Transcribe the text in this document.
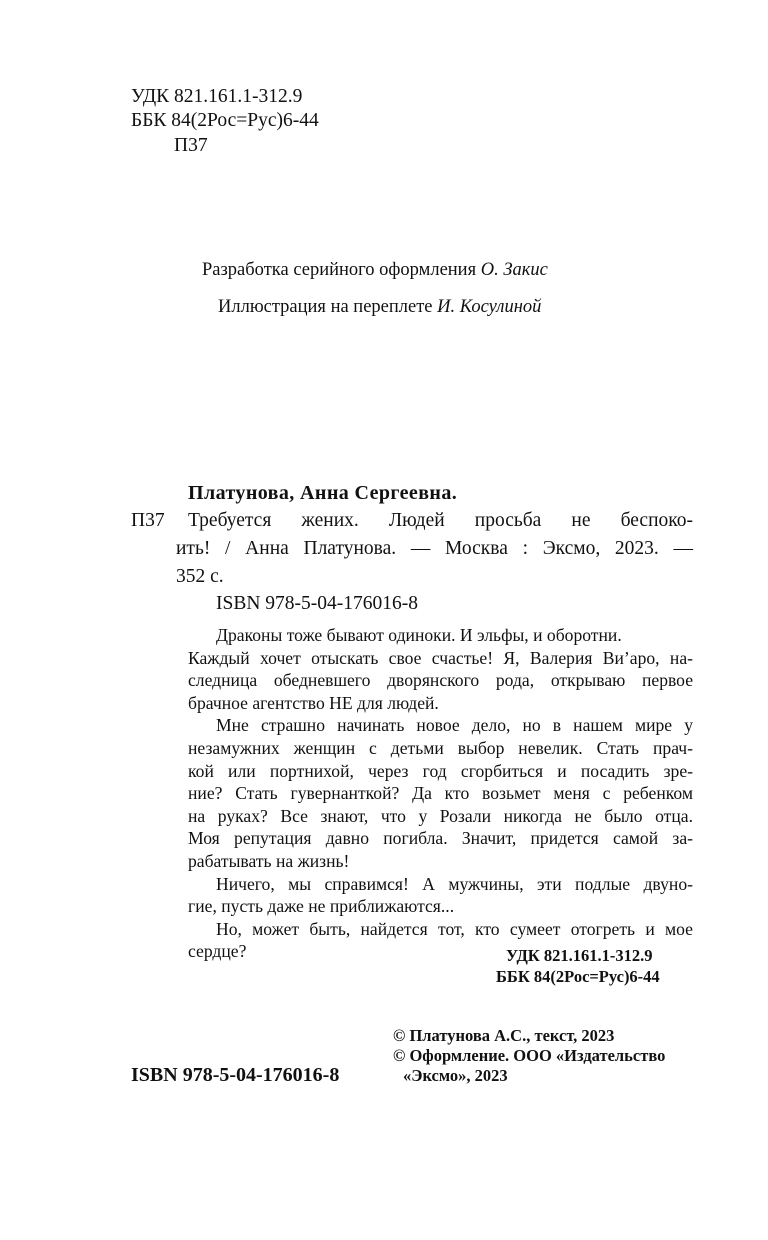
УДК 821.161.1-312.9

ББК 84(2Рос=Рус)6-44

П37

Разработка серийного оформления О. Закис

Иллюстрация на переплете И. Косулиной

Платунова, Анна Сергеевна.

П37 Требуется жених. Людей просьба не беспоко-
ить! / Анна Платунова. — Москва : Эксмо, 2023. —
352 с.

ISBN 978-5-04-176016-8

Драконы тоже бывают одиноки. И эльфы, и оборотни.
Каждый хочет отыскать свое счастье! Я, Валерия Ви’аро, на-
следница обедневшего дворянского рода, открываю первое
брачное агентство НЕ для людей.
Мне страшно начинать новое дело, но в нашем мире у
незамужних женщин с детьми выбор невелик. Стать прач-
кой или портнихой, через год сгорбиться и посадить зре-
ние? Стать гувернанткой? Да кто возьмет меня с ребенком
на руках? Все знают, что у Розали никогда не было отца.
Моя репутация давно погибла. Значит, придется самой за-
рабатывать на жизнь!
Ничего, мы справимся! А мужчины, эти подлые двуно-
гие, пусть даже не приближаются...
Но, может быть, найдется тот, кто сумеет отогреть и мое
сердце?	УДК 821.161.1-312.9

ББК 84(2Рос=Рус)6-44

ISBN 978-5-04-176016-8

© Платунова А.С., текст, 2023
© Оформление. ООО «Издательство
«Эксмо», 2023
